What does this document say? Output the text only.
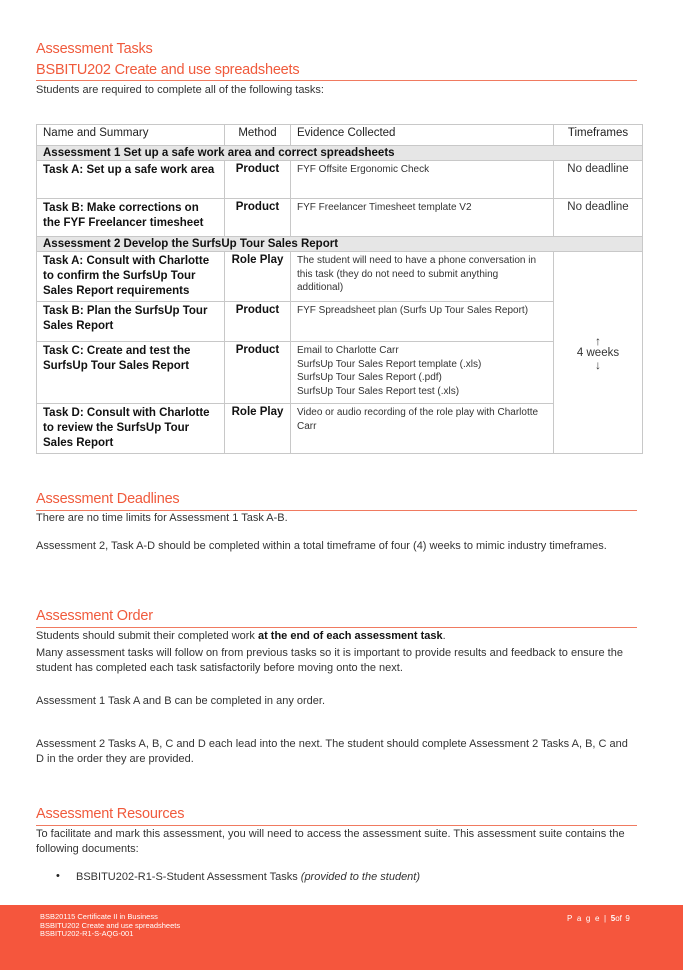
Assessment Tasks
BSBITU202 Create and use spreadsheets
Students are required to complete all of the following tasks:
Name and Summary	Method	Evidence Collected	Timeframes
Assessment 1 Set up a safe work area and correct spreadsheets			
Task A: Set up a safe work area	Product	FYF Offsite Ergonomic Check	No deadline
Task B: Make corrections on the FYF Freelancer timesheet	Product	FYF Freelancer Timesheet template V2	No deadline
Assessment 2 Develop the SurfsUp Tour Sales Report			
Task A: Consult with Charlotte to confirm the SurfsUp Tour Sales Report requirements	Role Play	The student will need to have a phone conversation in this task (they do not need to submit anything additional)	↑
4 weeks
↓

Task B: Plan the SurfsUp Tour Sales Report	Product	FYF Spreadsheet plan (Surfs Up Tour Sales Report)	
Task C: Create and test the SurfsUp Tour Sales Report	Product	Email to Charlotte Carr
SurfsUp Tour Sales Report template (.xls)
SurfsUp Tour Sales Report (.pdf)
SurfsUp Tour Sales Report test (.xls)	

Task D: Consult with Charlotte to review the SurfsUp Tour Sales Report	Role Play	Video or audio recording of the role play with Charlotte Carr	
Assessment Deadlines
There are no time limits for Assessment 1 Task A-B.
Assessment 2, Task A-D should be completed within a total timeframe of four (4) weeks to mimic industry timeframes.
Assessment Order
Students should submit their completed work at the end of each assessment task.
Many assessment tasks will follow on from previous tasks so it is important to provide results and feedback to ensure the student has completed each task satisfactorily before moving onto the next.
Assessment 1 Task A and B can be completed in any order.
Assessment 2 Tasks A, B, C and D each lead into the next. The student should complete Assessment 2 Tasks A, B, C and D in the order they are provided.
Assessment Resources
To facilitate and mark this assessment, you will need to access the assessment suite. This assessment suite contains the following documents:
•	BSBITU202-R1-S-Student Assessment Tasks (provided to the student)
BSB20115 Certificate II in Business
BSBITU202 Create and use spreadsheets
BSBITU202-R1-S-AQG-001
P a g e | 5of 9
